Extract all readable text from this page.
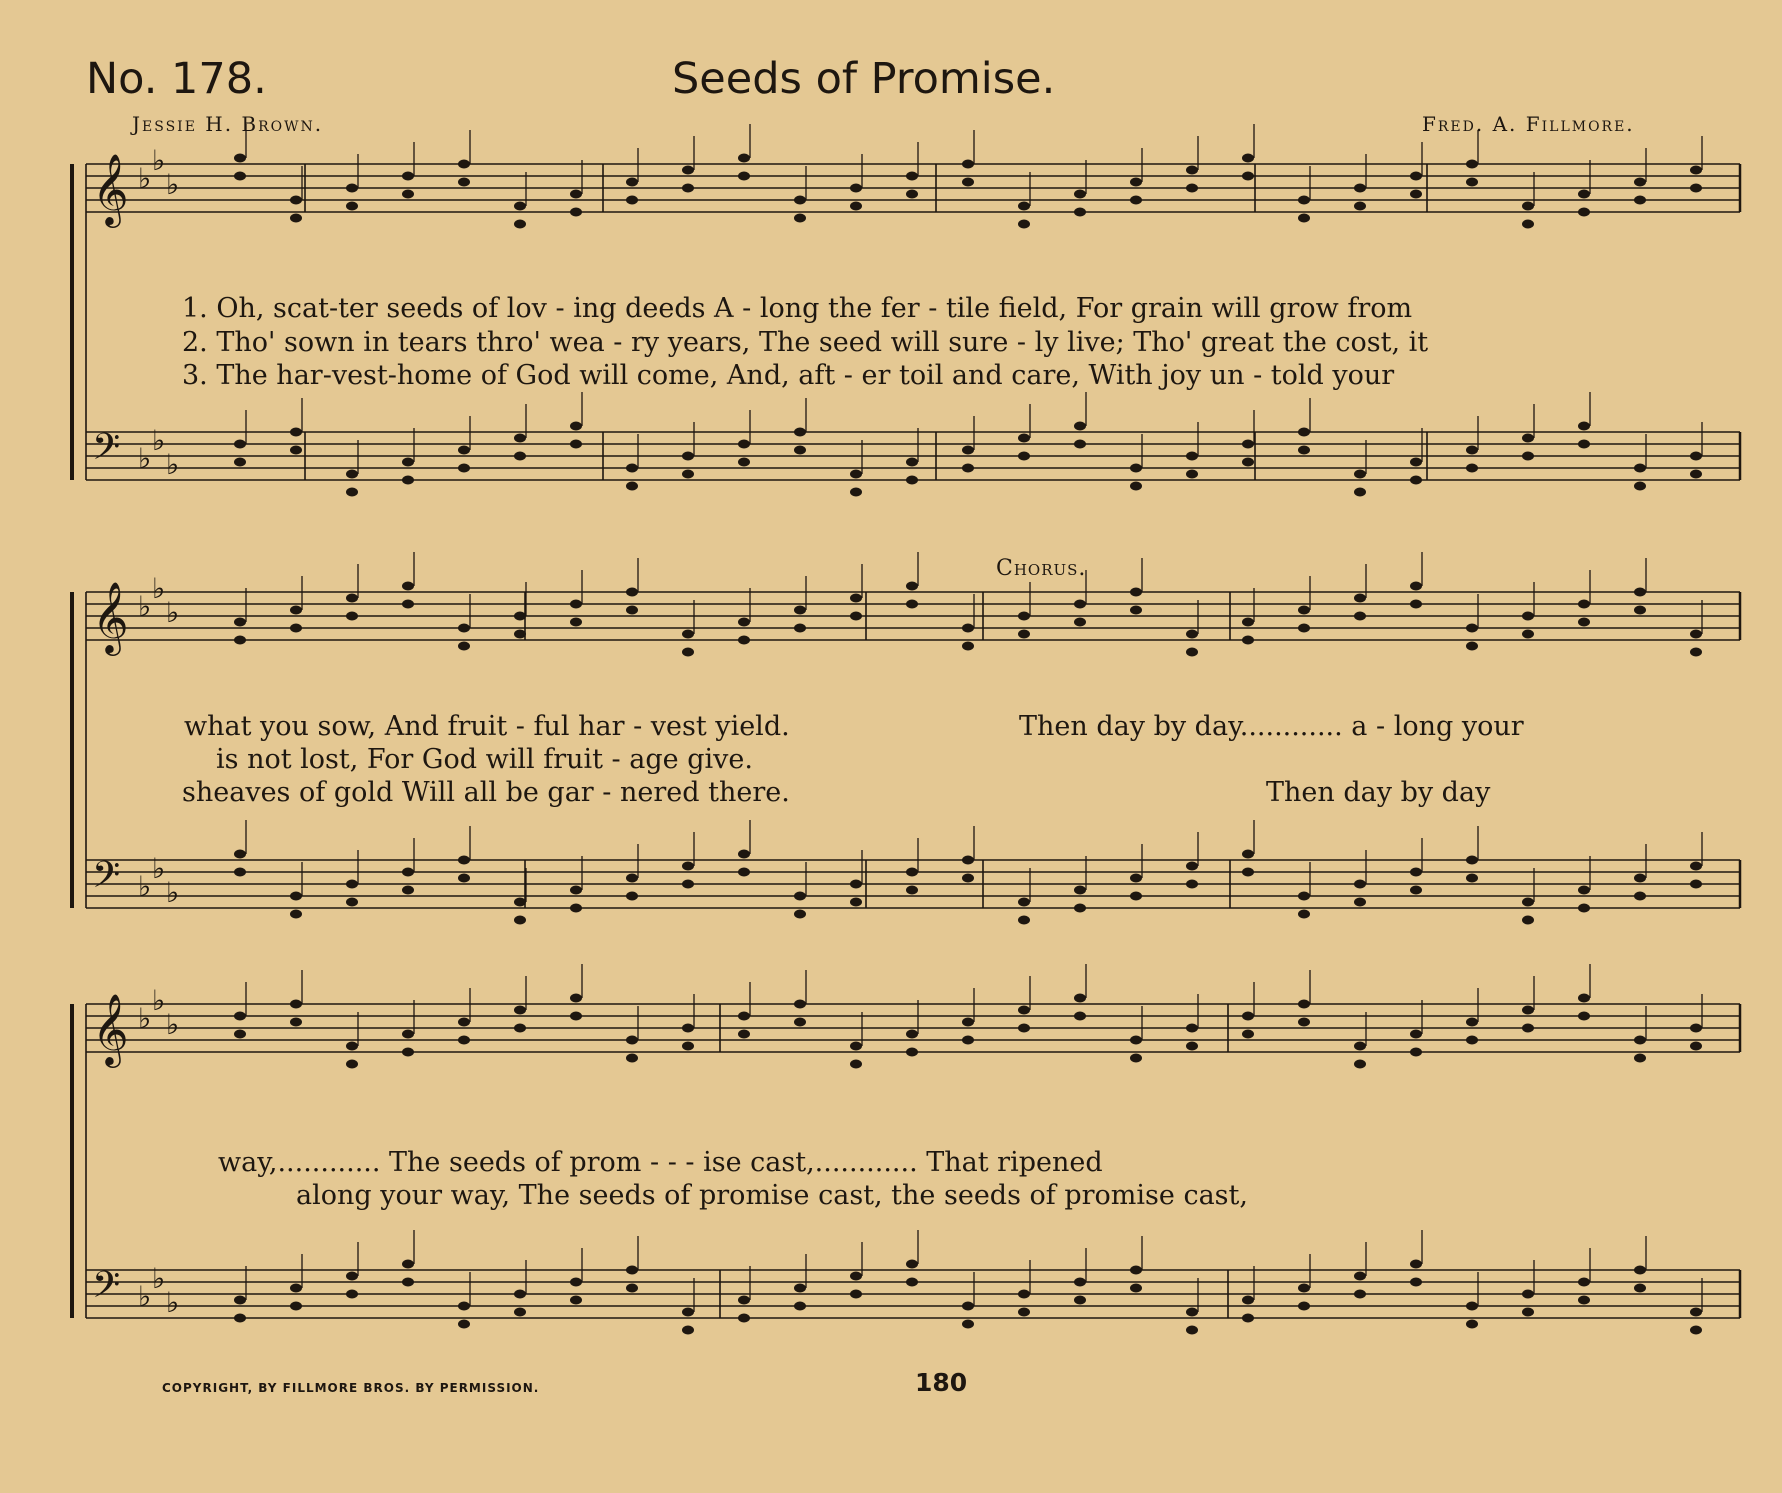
No. 178.	Seeds of Promise.
Jessie H. Brown.	Fred. A. Fillmore.
𝄞 ♭
♭
♭
𝄢 ♭
♭
♭
𝄞 ♭
♭
♭
𝄢 ♭
♭
♭
𝄞 ♭
♭
♭
𝄢 ♭
♭
♭
Chorus.
1. Oh, scat-ter seeds of lov - ing deeds A - long the fer - tile field, For grain will grow from
2. Tho' sown in tears thro' wea - ry years, The seed will sure - ly live; Tho' great the cost, it
3. The har-vest-home of God will come, And, aft - er toil and care, With joy un - told your
what you sow, And fruit - ful har - vest yield.
is not lost, For God will fruit - age give.
sheaves of gold Will all be gar - nered there.
Then day by day............ a - long your
Then day by day
way,............ The seeds of prom - - - ise cast,............ That ripened
along your way, The seeds of promise cast, the seeds of promise cast,
COPYRIGHT, BY FILLMORE BROS. BY PERMISSION.	180
